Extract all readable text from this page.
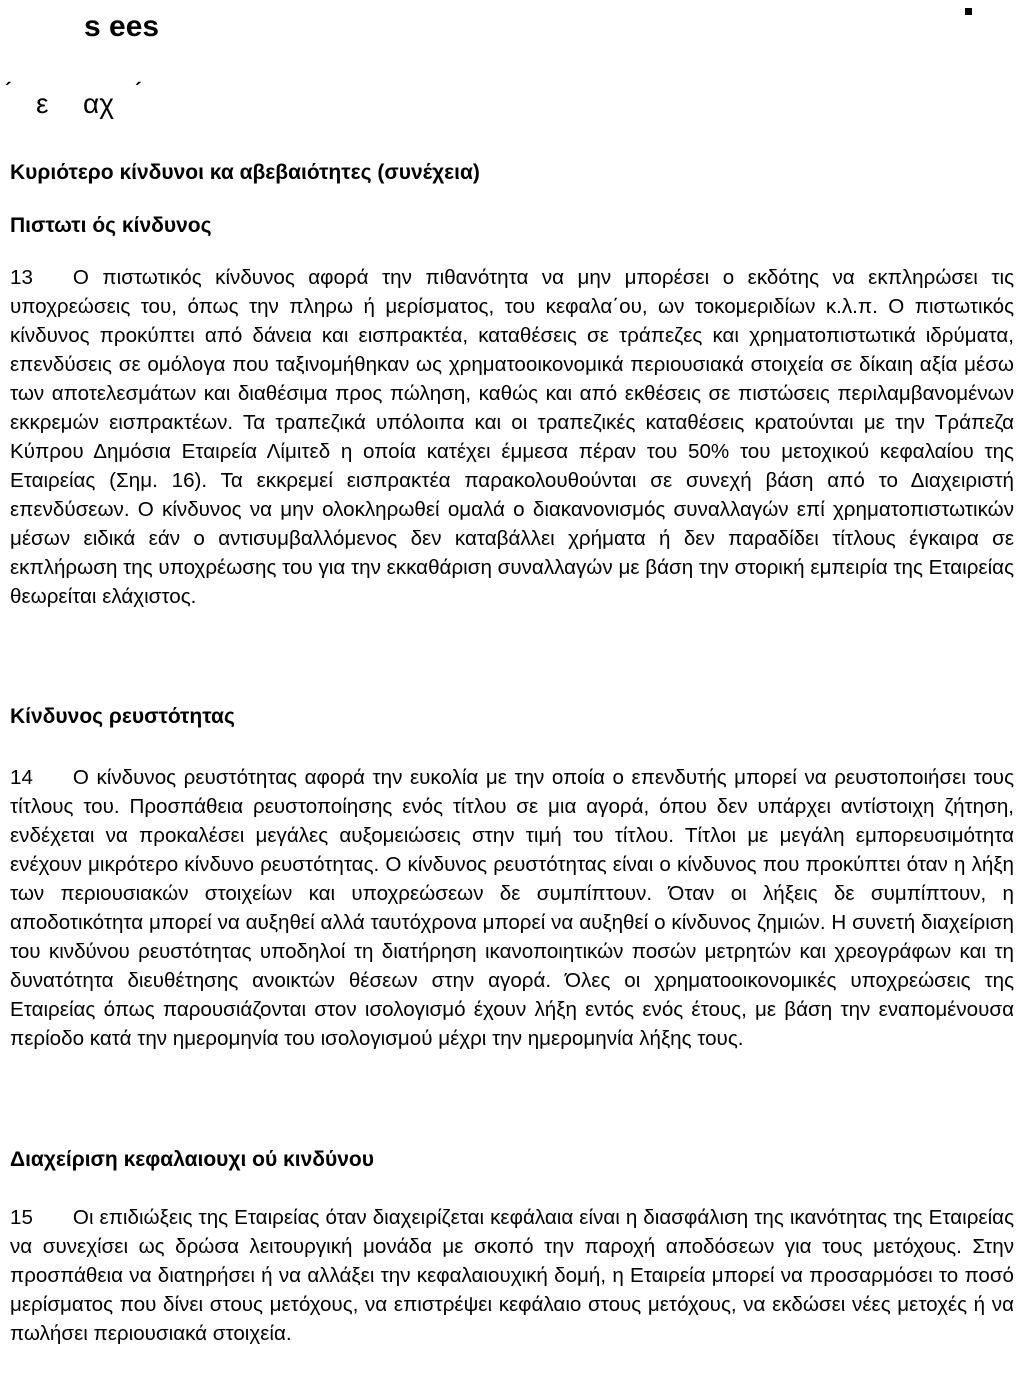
s ees
´ ε αχ ´
Κυριότερο κίνδυνοι κα αβεβαιότητες (συνέχεια)
Πιστωτι ός κίνδυνος
13 Ο πιστωτικός κίνδυνος αφορά την πιθανότητα να μην μπορέσει ο εκδότης να εκπληρώσει τις υποχρεώσεις του, όπως την πληρω ή μερίσματος, του κεφαλα΄ου, ων τοκομεριδίων κ.λ.π. Ο πιστωτικός κίνδυνος προκύπτει από δάνεια και εισπρακτέα, καταθέσεις σε τράπεζες και χρηματοπιστωτικά ιδρύματα, επενδύσεις σε ομόλογα που ταξινομήθηκαν ως χρηματοοικονομικά περιουσιακά στοιχεία σε δίκαιη αξία μέσω των αποτελεσμάτων και διαθέσιμα προς πώληση, καθώς και από εκθέσεις σε πιστώσεις περιλαμβανομένων εκκρεμών εισπρακτέων. Τα τραπεζικά υπόλοιπα και οι τραπεζικές καταθέσεις κρατούνται με την Τράπεζα Κύπρου Δημόσια Εταιρεία Λίμιτεδ η οποία κατέχει έμμεσα πέραν του 50% του μετοχικού κεφαλαίου της Εταιρείας (Σημ. 16). Τα εκκρεμεί εισπρακτέα παρακολουθούνται σε συνεχή βάση από το Διαχειριστή επενδύσεων. Ο κίνδυνος να μην ολοκληρωθεί ομαλά ο διακανονισμός συναλλαγών επί χρηματοπιστωτικών μέσων ειδικά εάν ο αντισυμβαλλόμενος δεν καταβάλλει χρήματα ή δεν παραδίδει τίτλους έγκαιρα σε εκπλήρωση της υποχρέωσης του για την εκκαθάριση συναλλαγών με βάση την στορική εμπειρία της Εταιρείας θεωρείται ελάχιστος.
Κίνδυνος ρευστότητας
14 Ο κίνδυνος ρευστότητας αφορά την ευκολία με την οποία ο επενδυτής μπορεί να ρευστοποιήσει τους τίτλους του. Προσπάθεια ρευστοποίησης ενός τίτλου σε μια αγορά, όπου δεν υπάρχει αντίστοιχη ζήτηση, ενδέχεται να προκαλέσει μεγάλες αυξομειώσεις στην τιμή του τίτλου. Τίτλοι με μεγάλη εμπορευσιμότητα ενέχουν μικρότερο κίνδυνο ρευστότητας. Ο κίνδυνος ρευστότητας είναι ο κίνδυνος που προκύπτει όταν η λήξη των περιουσιακών στοιχείων και υποχρεώσεων δε συμπίπτουν. Όταν οι λήξεις δε συμπίπτουν, η αποδοτικότητα μπορεί να αυξηθεί αλλά ταυτόχρονα μπορεί να αυξηθεί ο κίνδυνος ζημιών. Η συνετή διαχείριση του κινδύνου ρευστότητας υποδηλοί τη διατήρηση ικανοποιητικών ποσών μετρητών και χρεογράφων και τη δυνατότητα διευθέτησης ανοικτών θέσεων στην αγορά. Όλες οι χρηματοοικονομικές υποχρεώσεις της Εταιρείας όπως παρουσιάζονται στον ισολογισμό έχουν λήξη εντός ενός έτους, με βάση την εναπομένουσα περίοδο κατά την ημερομηνία του ισολογισμού μέχρι την ημερομηνία λήξης τους.
Διαχείριση κεφαλαιουχι ού κινδύνου
15 Οι επιδιώξεις της Εταιρείας όταν διαχειρίζεται κεφάλαια είναι η διασφάλιση της ικανότητας της Εταιρείας να συνεχίσει ως δρώσα λειτουργική μονάδα με σκοπό την παροχή αποδόσεων για τους μετόχους. Στην προσπάθεια να διατηρήσει ή να αλλάξει την κεφαλαιουχική δομή, η Εταιρεία μπορεί να προσαρμόσει το ποσό μερίσματος που δίνει στους μετόχους, να επιστρέψει κεφάλαιο στους μετόχους, να εκδώσει νέες μετοχές ή να πωλήσει περιουσιακά στοιχεία.
